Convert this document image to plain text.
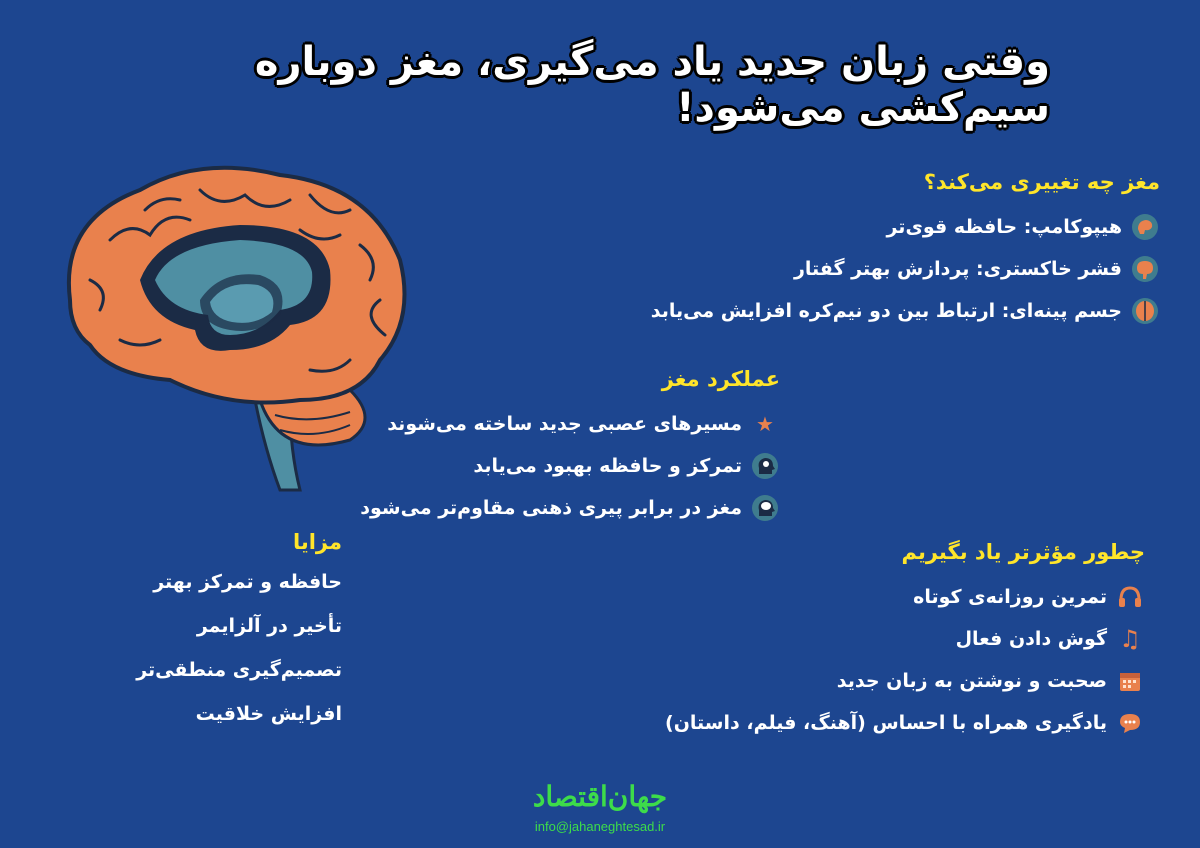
وقتی زبان جدید یاد می‌گیری، مغز دوباره سیم‌کشی می‌شود!
مغز چه تغییری می‌کند؟
هیپوکامپ: حافظه قوی‌تر
قشر خاکستری: پردازش بهتر گفتار
جسم پینه‌ای: ارتباط بین دو نیم‌کره افزایش می‌یابد
عملکرد مغز
★
مسیرهای عصبی جدید ساخته می‌شوند
تمرکز و حافظه بهبود می‌یابد
مغز در برابر پیری ذهنی مقاوم‌تر می‌شود
مزایا
حافظه و تمرکز بهتر
تأخیر در آلزایمر
تصمیم‌گیری منطقی‌تر
افزایش خلاقیت
چطور مؤثرتر یاد بگیریم
تمرین روزانه‌ی کوتاه
♫
گوش دادن فعال
صحبت و نوشتن به زبان جدید
یادگیری همراه با احساس (آهنگ، فیلم، داستان)
جهان‌اقتصاد
info@jahaneghtesad.ir
